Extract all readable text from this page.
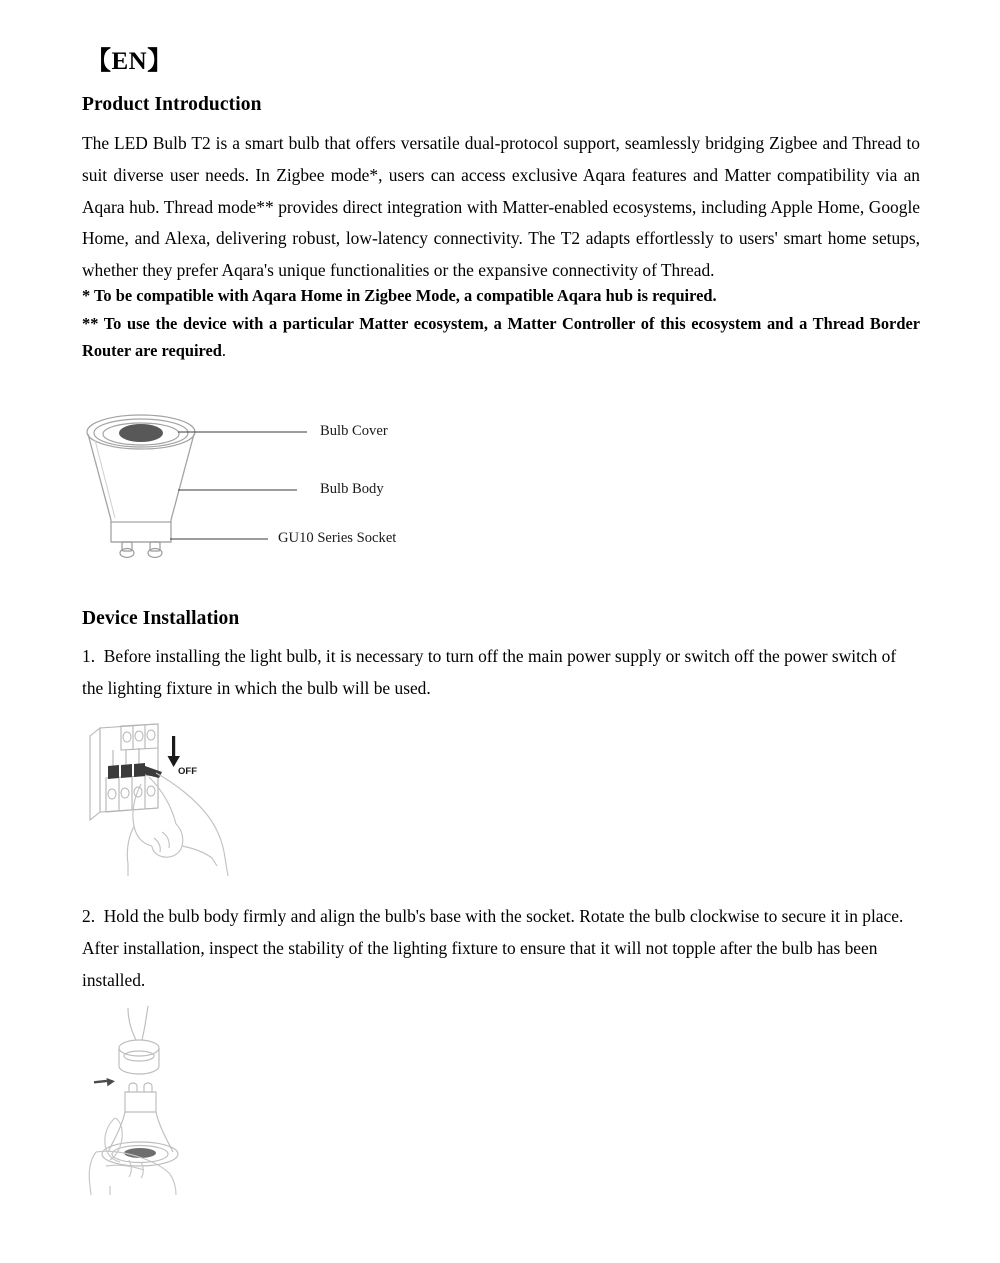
【EN】
Product Introduction
The LED Bulb T2 is a smart bulb that offers versatile dual-protocol support, seamlessly bridging Zigbee and Thread to suit diverse user needs. In Zigbee mode*, users can access exclusive Aqara features and Matter compatibility via an Aqara hub. Thread mode** provides direct integration with Matter-enabled ecosystems, including Apple Home, Google Home, and Alexa, delivering robust, low-latency connectivity. The T2 adapts effortlessly to users' smart home setups, whether they prefer Aqara's unique functionalities or the expansive connectivity of Thread.
* To be compatible with Aqara Home in Zigbee Mode, a compatible Aqara hub is required.
** To use the device with a particular Matter ecosystem, a Matter Controller of this ecosystem and a Thread Border Router are required.
Bulb Cover
Bulb Body
GU10 Series Socket
Device Installation
1. Before installing the light bulb, it is necessary to turn off the main power supply or switch off the power switch of the lighting fixture in which the bulb will be used.
OFF
2. Hold the bulb body firmly and align the bulb's base with the socket. Rotate the bulb clockwise to secure it in place. After installation, inspect the stability of the lighting fixture to ensure that it will not topple after the bulb has been installed.
